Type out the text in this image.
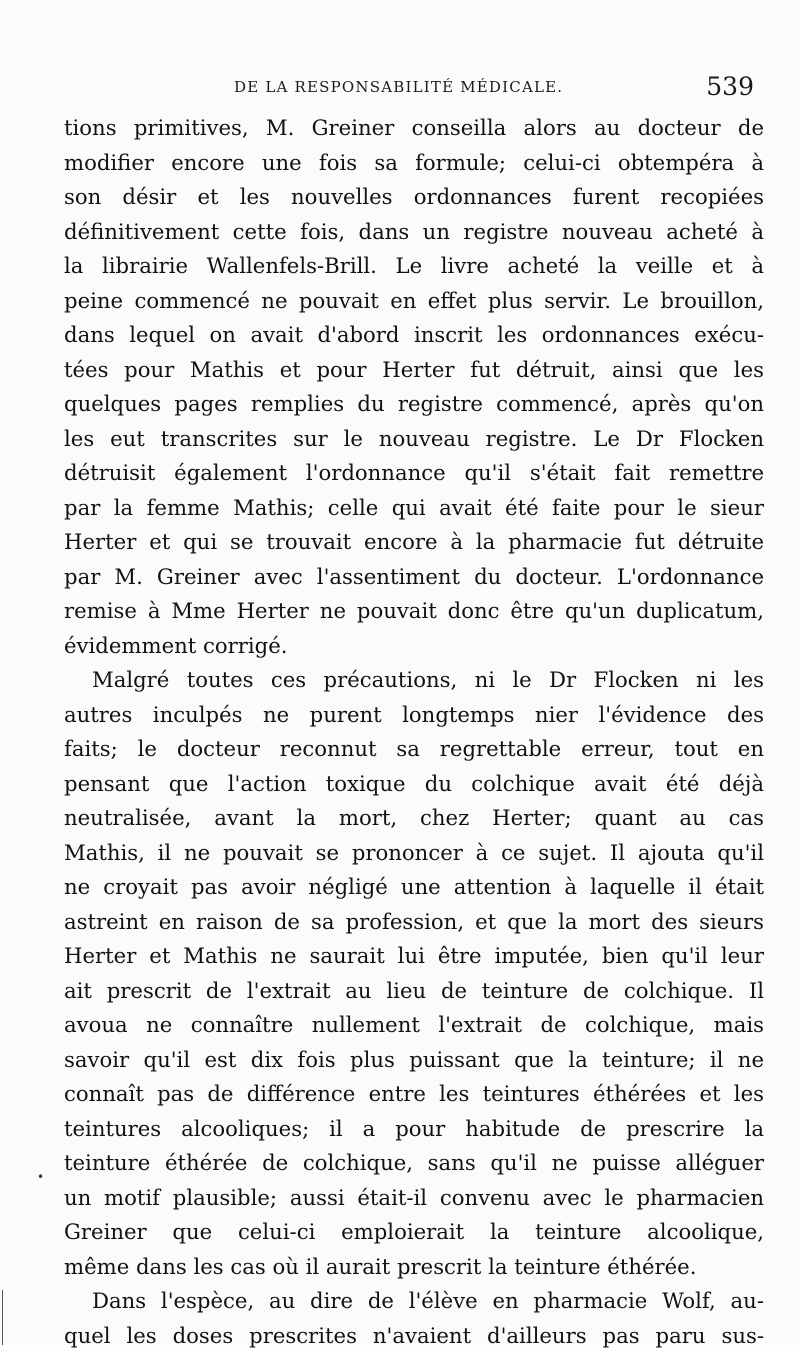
DE LA RESPONSABILITÉ MÉDICALE.	539
tions primitives, M. Greiner conseilla alors au docteur de
modifier encore une fois sa formule; celui-ci obtempéra à
son désir et les nouvelles ordonnances furent recopiées
définitivement cette fois, dans un registre nouveau acheté à
la librairie Wallenfels-Brill. Le livre acheté la veille et à
peine commencé ne pouvait en effet plus servir. Le brouillon,
dans lequel on avait d'abord inscrit les ordonnances exécu-
tées pour Mathis et pour Herter fut détruit, ainsi que les
quelques pages remplies du registre commencé, après qu'on
les eut transcrites sur le nouveau registre. Le Dr Flocken
détruisit également l'ordonnance qu'il s'était fait remettre
par la femme Mathis; celle qui avait été faite pour le sieur
Herter et qui se trouvait encore à la pharmacie fut détruite
par M. Greiner avec l'assentiment du docteur. L'ordonnance
remise à Mme Herter ne pouvait donc être qu'un duplicatum,
évidemment corrigé.
Malgré toutes ces précautions, ni le Dr Flocken ni les
autres inculpés ne purent longtemps nier l'évidence des
faits; le docteur reconnut sa regrettable erreur, tout en
pensant que l'action toxique du colchique avait été déjà
neutralisée, avant la mort, chez Herter; quant au cas
Mathis, il ne pouvait se prononcer à ce sujet. Il ajouta qu'il
ne croyait pas avoir négligé une attention à laquelle il était
astreint en raison de sa profession, et que la mort des sieurs
Herter et Mathis ne saurait lui être imputée, bien qu'il leur
ait prescrit de l'extrait au lieu de teinture de colchique. Il
avoua ne connaître nullement l'extrait de colchique, mais
savoir qu'il est dix fois plus puissant que la teinture; il ne
connaît pas de différence entre les teintures éthérées et les
teintures alcooliques; il a pour habitude de prescrire la
teinture éthérée de colchique, sans qu'il ne puisse alléguer
un motif plausible; aussi était-il convenu avec le pharmacien
Greiner que celui-ci emploierait la teinture alcoolique,
même dans les cas où il aurait prescrit la teinture éthérée.
Dans l'espèce, au dire de l'élève en pharmacie Wolf, au-
quel les doses prescrites n'avaient d'ailleurs pas paru sus-
•
